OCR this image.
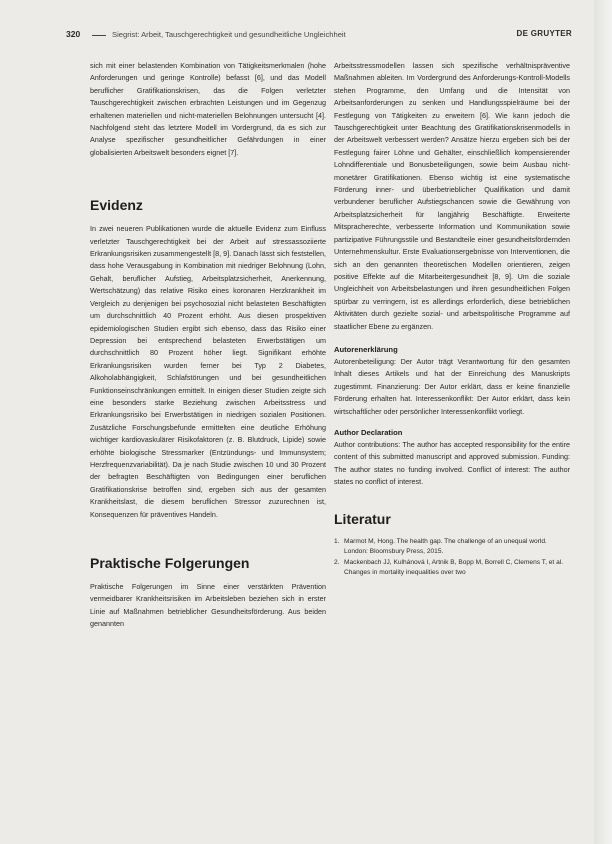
320	Siegrist: Arbeit, Tauschgerechtigkeit und gesundheitliche Ungleichheit	DE GRUYTER

sich mit einer belastenden Kombination von Tätigkeitsmerkmalen (hohe Anforderungen und geringe Kontrolle) befasst [6], und das Modell beruflicher Gratifikationskrisen, das die Folgen verletzter Tauschgerechtigkeit zwischen erbrachten Leistungen und im Gegenzug erhaltenen materiellen und nicht-materiellen Belohnungen untersucht [4]. Nachfolgend steht das letztere Modell im Vordergrund, da es sich zur Analyse spezifischer gesundheitlicher Gefährdungen in einer globalisierten Arbeitswelt besonders eignet [7].

Evidenz

In zwei neueren Publikationen wurde die aktuelle Evidenz zum Einfluss verletzter Tauschgerechtigkeit bei der Arbeit auf stressassoziierte Erkrankungsrisiken zusammengestellt [8, 9]. Danach lässt sich feststellen, dass hohe Verausgabung in Kombination mit niedriger Belohnung (Lohn, Gehalt, beruflicher Aufstieg, Arbeitsplatzsicherheit, Anerkennung, Wertschätzung) das relative Risiko eines koronaren Herzkrankheit im Vergleich zu denjenigen bei psychosozial nicht belasteten Beschäftigten um durchschnittlich 40 Prozent erhöht. Aus diesen prospektiven epidemiologischen Studien ergibt sich ebenso, dass das Risiko einer Depression bei entsprechend belasteten Erwerbstätigen um durchschnittlich 80 Prozent höher liegt. Signifikant erhöhte Erkrankungsrisiken wurden ferner bei Typ 2 Diabetes, Alkoholabhängigkeit, Schlafstörungen und bei gesundheitlichen Funktionseinschränkungen ermittelt. In einigen dieser Studien zeigte sich eine besonders starke Beziehung zwischen Arbeitsstress und Erkrankungsrisiko bei Erwerbstätigen in niedrigen sozialen Positionen. Zusätzliche Forschungsbefunde ermittelten eine deutliche Erhöhung wichtiger kardiovaskulärer Risikofaktoren (z. B. Blutdruck, Lipide) sowie erhöhte biologische Stressmarker (Entzündungs- und Immunsystem; Herzfrequenzvariabilität). Da je nach Studie zwischen 10 und 30 Prozent der befragten Beschäftigten von Bedingungen einer beruflichen Gratifikationskrise betroffen sind, ergeben sich aus der gesamten Krankheitslast, die diesem beruflichen Stressor zuzurechnen ist, Konsequenzen für präventives Handeln.

Praktische Folgerungen

Praktische Folgerungen im Sinne einer verstärkten Prävention vermeidbarer Krankheitsrisiken im Arbeitsleben beziehen sich in erster Linie auf Maßnahmen betrieblicher Gesundheitsförderung. Aus beiden genannten

Arbeitsstressmodellen lassen sich spezifische verhältnispräventive Maßnahmen ableiten. Im Vordergrund des Anforderungs-Kontroll-Modells stehen Programme, den Umfang und die Intensität von Arbeitsanforderungen zu senken und Handlungsspielräume bei der Festlegung von Tätigkeiten zu erweitern [6]. Wie kann jedoch die Tauschgerechtigkeit unter Beachtung des Gratifikationskrisenmodells in der Arbeitswelt verbessert werden? Ansätze hierzu ergeben sich bei der Festlegung fairer Löhne und Gehälter, einschließlich kompensierender Lohndifferentiale und Bonusbeteiligungen, sowie beim Ausbau nicht-monetärer Gratifikationen. Ebenso wichtig ist eine systematische Förderung inner- und überbetrieblicher Qualifikation und damit verbundener beruflicher Aufstiegschancen sowie die Gewährung von Arbeitsplatzsicherheit für langjährig Beschäftigte. Erweiterte Mitspracherechte, verbesserte Information und Kommunikation sowie partizipative Führungsstile und Bestandteile einer gesundheitsfördernden Unternehmenskultur. Erste Evaluationsergebnisse von Interventionen, die sich an den genannten theoretischen Modellen orientieren, zeigen positive Effekte auf die Mitarbeitergesundheit [8, 9]. Um die soziale Ungleichheit von Arbeitsbelastungen und ihren gesundheitlichen Folgen spürbar zu verringern, ist es allerdings erforderlich, diese betrieblichen Aktivitäten durch gezielte sozial- und arbeitspolitische Programme auf staatlicher Ebene zu ergänzen.

Autorenerklärung

Autorenbeteiligung: Der Autor trägt Verantwortung für den gesamten Inhalt dieses Artikels und hat der Einreichung des Manuskripts zugestimmt. Finanzierung: Der Autor erklärt, dass er keine finanzielle Förderung erhalten hat. Interessenkonflikt: Der Autor erklärt, dass kein wirtschaftlicher oder persönlicher Interessenkonflikt vorliegt.

Author Declaration

Author contributions: The author has accepted responsibility for the entire content of this submitted manuscript and approved submission. Funding: The author states no funding involved. Conflict of interest: The author states no conflict of interest.

Literatur

1. Marmot M, Hong. The health gap. The challenge of an unequal world. London: Bloomsbury Press, 2015.

2. Mackenbach JJ, Kulhánová I, Artnik B, Bopp M, Borrell C, Clemens T, et al. Changes in mortality inequalities over two
